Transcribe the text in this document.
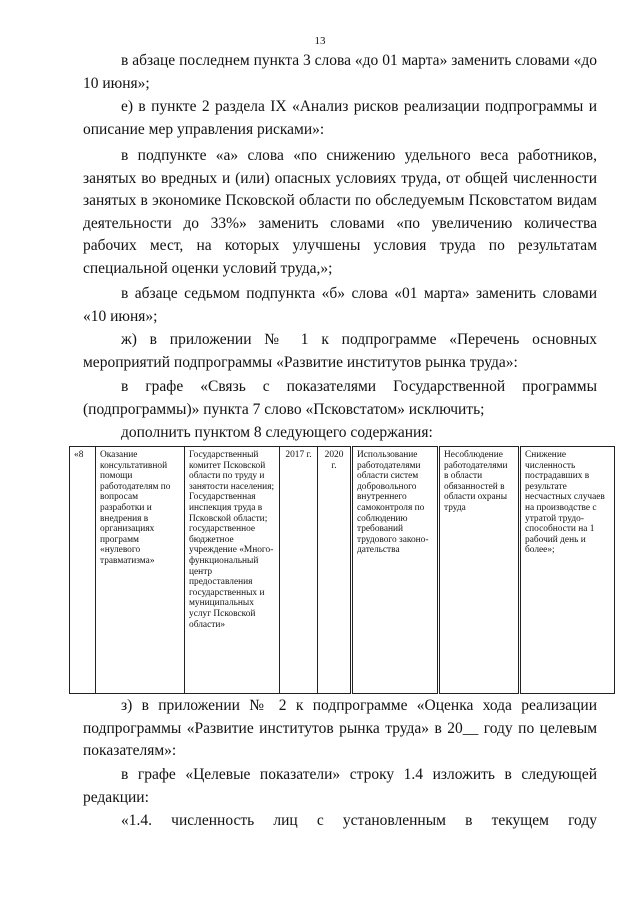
13

в абзаце последнем пункта 3 слова «до 01 марта» заменить словами «до 10 июня»;

е) в пункте 2 раздела IX «Анализ рисков реализации подпрограммы и описание мер управления рисками»:

в подпункте «а» слова «по снижению удельного веса работников, занятых во вредных и (или) опасных условиях труда, от общей численности занятых в экономике Псковской области по обследуемым Псковстатом видам деятельности до 33%» заменить словами «по увеличению количества рабочих мест, на которых улучшены условия труда по результатам специальной оценки условий труда,»;

в абзаце седьмом подпункта «б» слова «01 марта» заменить словами «10 июня»;

ж) в приложении № 1 к подпрограмме «Перечень основных мероприятий подпрограммы «Развитие институтов рынка труда»:

в графе «Связь с показателями Государственной программы (подпрограммы)» пункта 7 слово «Псковстатом» исключить;

дополнить пунктом 8 следующего содержания:

«8	Оказание консультативной помощи работодателям по вопросам разработки и внедрения в организациях программ «нулевого травматизма»	Государственный комитет Псковской области по труду и занятости населения; Государственная инспекция труда в Псковской области; государственное бюджетное учреждение «Много-функциональный центр предоставления государственных и муниципальных услуг Псковской области»	2017 г.	2020 г.	Использование работодателями области систем добровольного внутреннего самоконтроля по соблюдению требований трудового законо-дательства	Несоблюдение работодателями в области обязанностей в области охраны труда	Снижение численность пострадавших в результате несчастных случаев на производстве с утратой трудо-способности на 1 рабочий день и более»;

з) в приложении № 2 к подпрограмме «Оценка хода реализации подпрограммы «Развитие институтов рынка труда» в 20__ году по целевым показателям»:

в графе «Целевые показатели» строку 1.4 изложить в следующей редакции:

«1.4. численность лиц с установленным в текущем году
